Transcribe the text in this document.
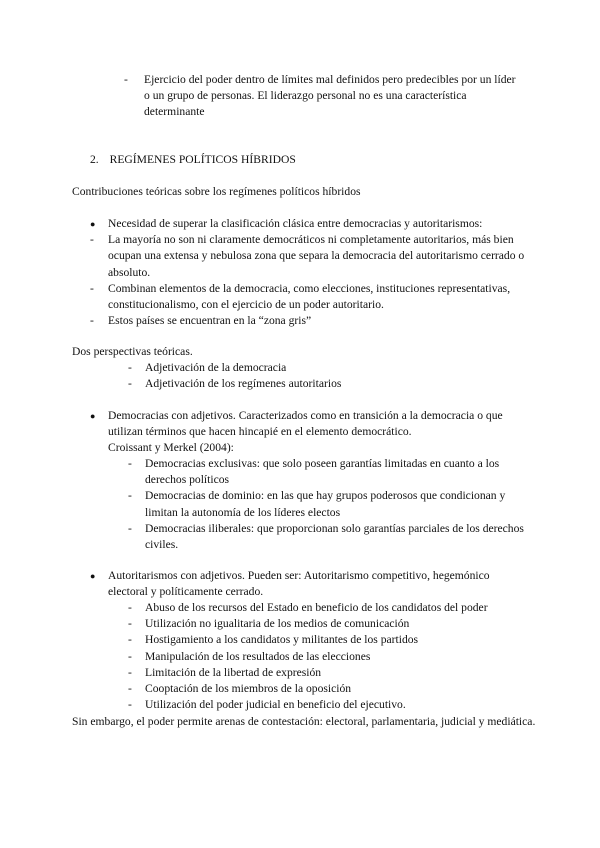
- Ejercicio del poder dentro de límites mal definidos pero predecibles por un líder o un grupo de personas. El liderazgo personal no es una característica determinante

2. REGÍMENES POLÍTICOS HÍBRIDOS

Contribuciones teóricas sobre los regímenes políticos híbridos

● Necesidad de superar la clasificación clásica entre democracias y autoritarismos:

- La mayoría no son ni claramente democráticos ni completamente autoritarios, más bien ocupan una extensa y nebulosa zona que separa la democracia del autoritarismo cerrado o absoluto.

- Combinan elementos de la democracia, como elecciones, instituciones representativas, constitucionalismo, con el ejercicio de un poder autoritario.

- Estos países se encuentran en la “zona gris”

Dos perspectivas teóricas.

- Adjetivación de la democracia

- Adjetivación de los regímenes autoritarios

● Democracias con adjetivos. Caracterizados como en transición a la democracia o que utilizan términos que hacen hincapié en el elemento democrático.

Croissant y Merkel (2004):

- Democracias exclusivas: que solo poseen garantías limitadas en cuanto a los derechos políticos

- Democracias de dominio: en las que hay grupos poderosos que condicionan y limitan la autonomía de los líderes electos

- Democracias iliberales: que proporcionan solo garantías parciales de los derechos civiles.

● Autoritarismos con adjetivos. Pueden ser: Autoritarismo competitivo, hegemónico electoral y políticamente cerrado.

- Abuso de los recursos del Estado en beneficio de los candidatos del poder

- Utilización no igualitaria de los medios de comunicación

- Hostigamiento a los candidatos y militantes de los partidos

- Manipulación de los resultados de las elecciones

- Limitación de la libertad de expresión

- Cooptación de los miembros de la oposición

- Utilización del poder judicial en beneficio del ejecutivo.

Sin embargo, el poder permite arenas de contestación: electoral, parlamentaria, judicial y mediática.
